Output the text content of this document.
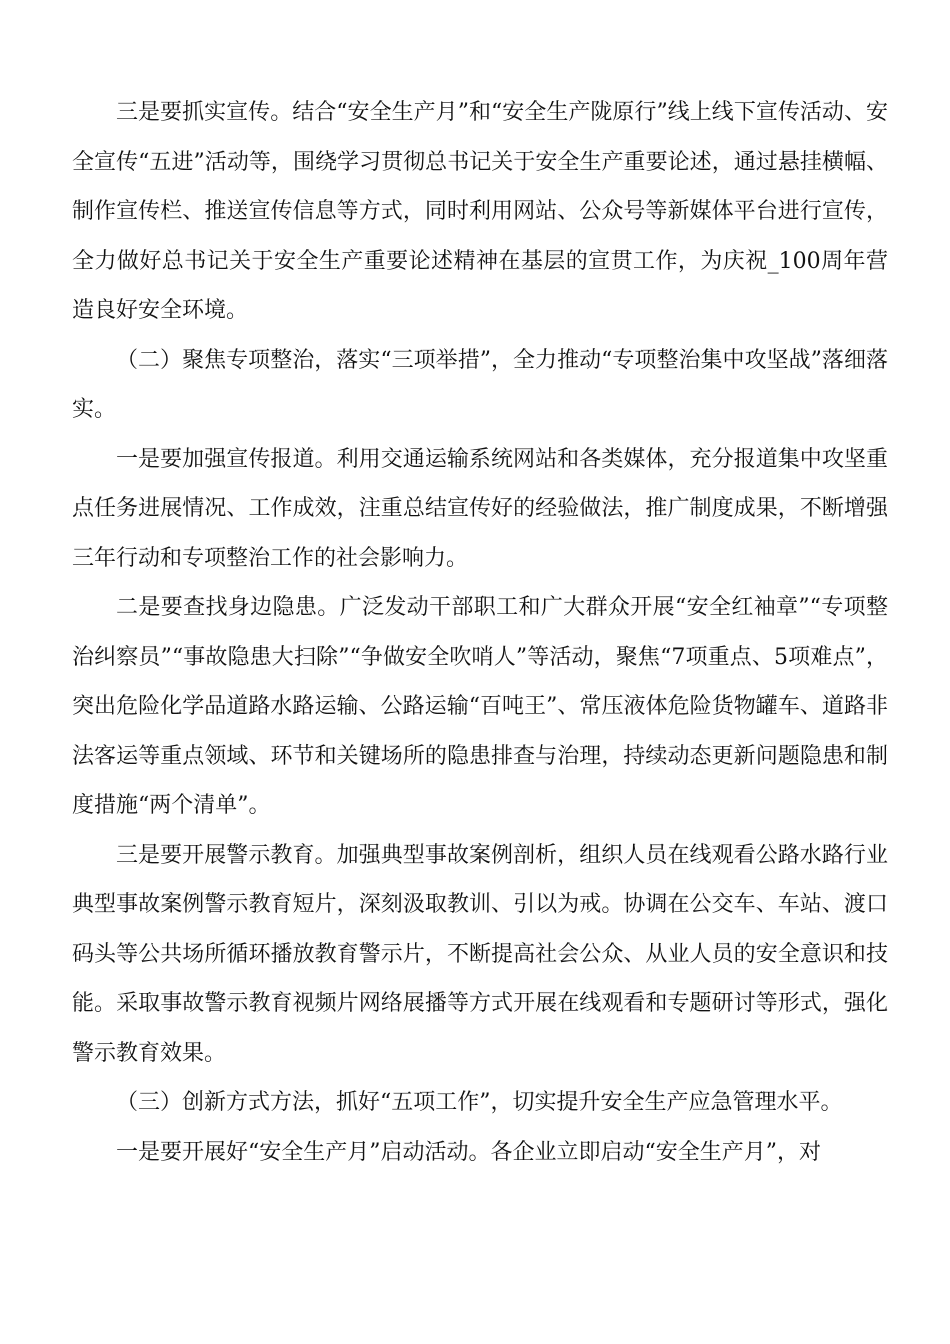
三是要抓实宣传。结合“安全生产月”和“安全生产陇原行”线上线下宣传活动、安全宣传“五进”活动等，围绕学习贯彻总书记关于安全生产重要论述，通过悬挂横幅、制作宣传栏、推送宣传信息等方式，同时利用网站、公众号等新媒体平台进行宣传，全力做好总书记关于安全生产重要论述精神在基层的宣贯工作，为庆祝_100周年营造良好安全环境。

（二）聚焦专项整治，落实“三项举措”，全力推动“专项整治集中攻坚战”落细落实。

一是要加强宣传报道。利用交通运输系统网站和各类媒体，充分报道集中攻坚重点任务进展情况、工作成效，注重总结宣传好的经验做法，推广制度成果，不断增强三年行动和专项整治工作的社会影响力。

二是要查找身边隐患。广泛发动干部职工和广大群众开展“安全红袖章”“专项整治纠察员”“事故隐患大扫除”“争做安全吹哨人”等活动，聚焦“7项重点、5项难点”，突出危险化学品道路水路运输、公路运输“百吨王”、常压液体危险货物罐车、道路非法客运等重点领域、环节和关键场所的隐患排查与治理，持续动态更新问题隐患和制度措施“两个清单”。

三是要开展警示教育。加强典型事故案例剖析，组织人员在线观看公路水路行业典型事故案例警示教育短片，深刻汲取教训、引以为戒。协调在公交车、车站、渡口码头等公共场所循环播放教育警示片，不断提高社会公众、从业人员的安全意识和技能。采取事故警示教育视频片网络展播等方式开展在线观看和专题研讨等形式，强化警示教育效果。

（三）创新方式方法，抓好“五项工作”，切实提升安全生产应急管理水平。

一是要开展好“安全生产月”启动活动。各企业立即启动“安全生产月”，对
